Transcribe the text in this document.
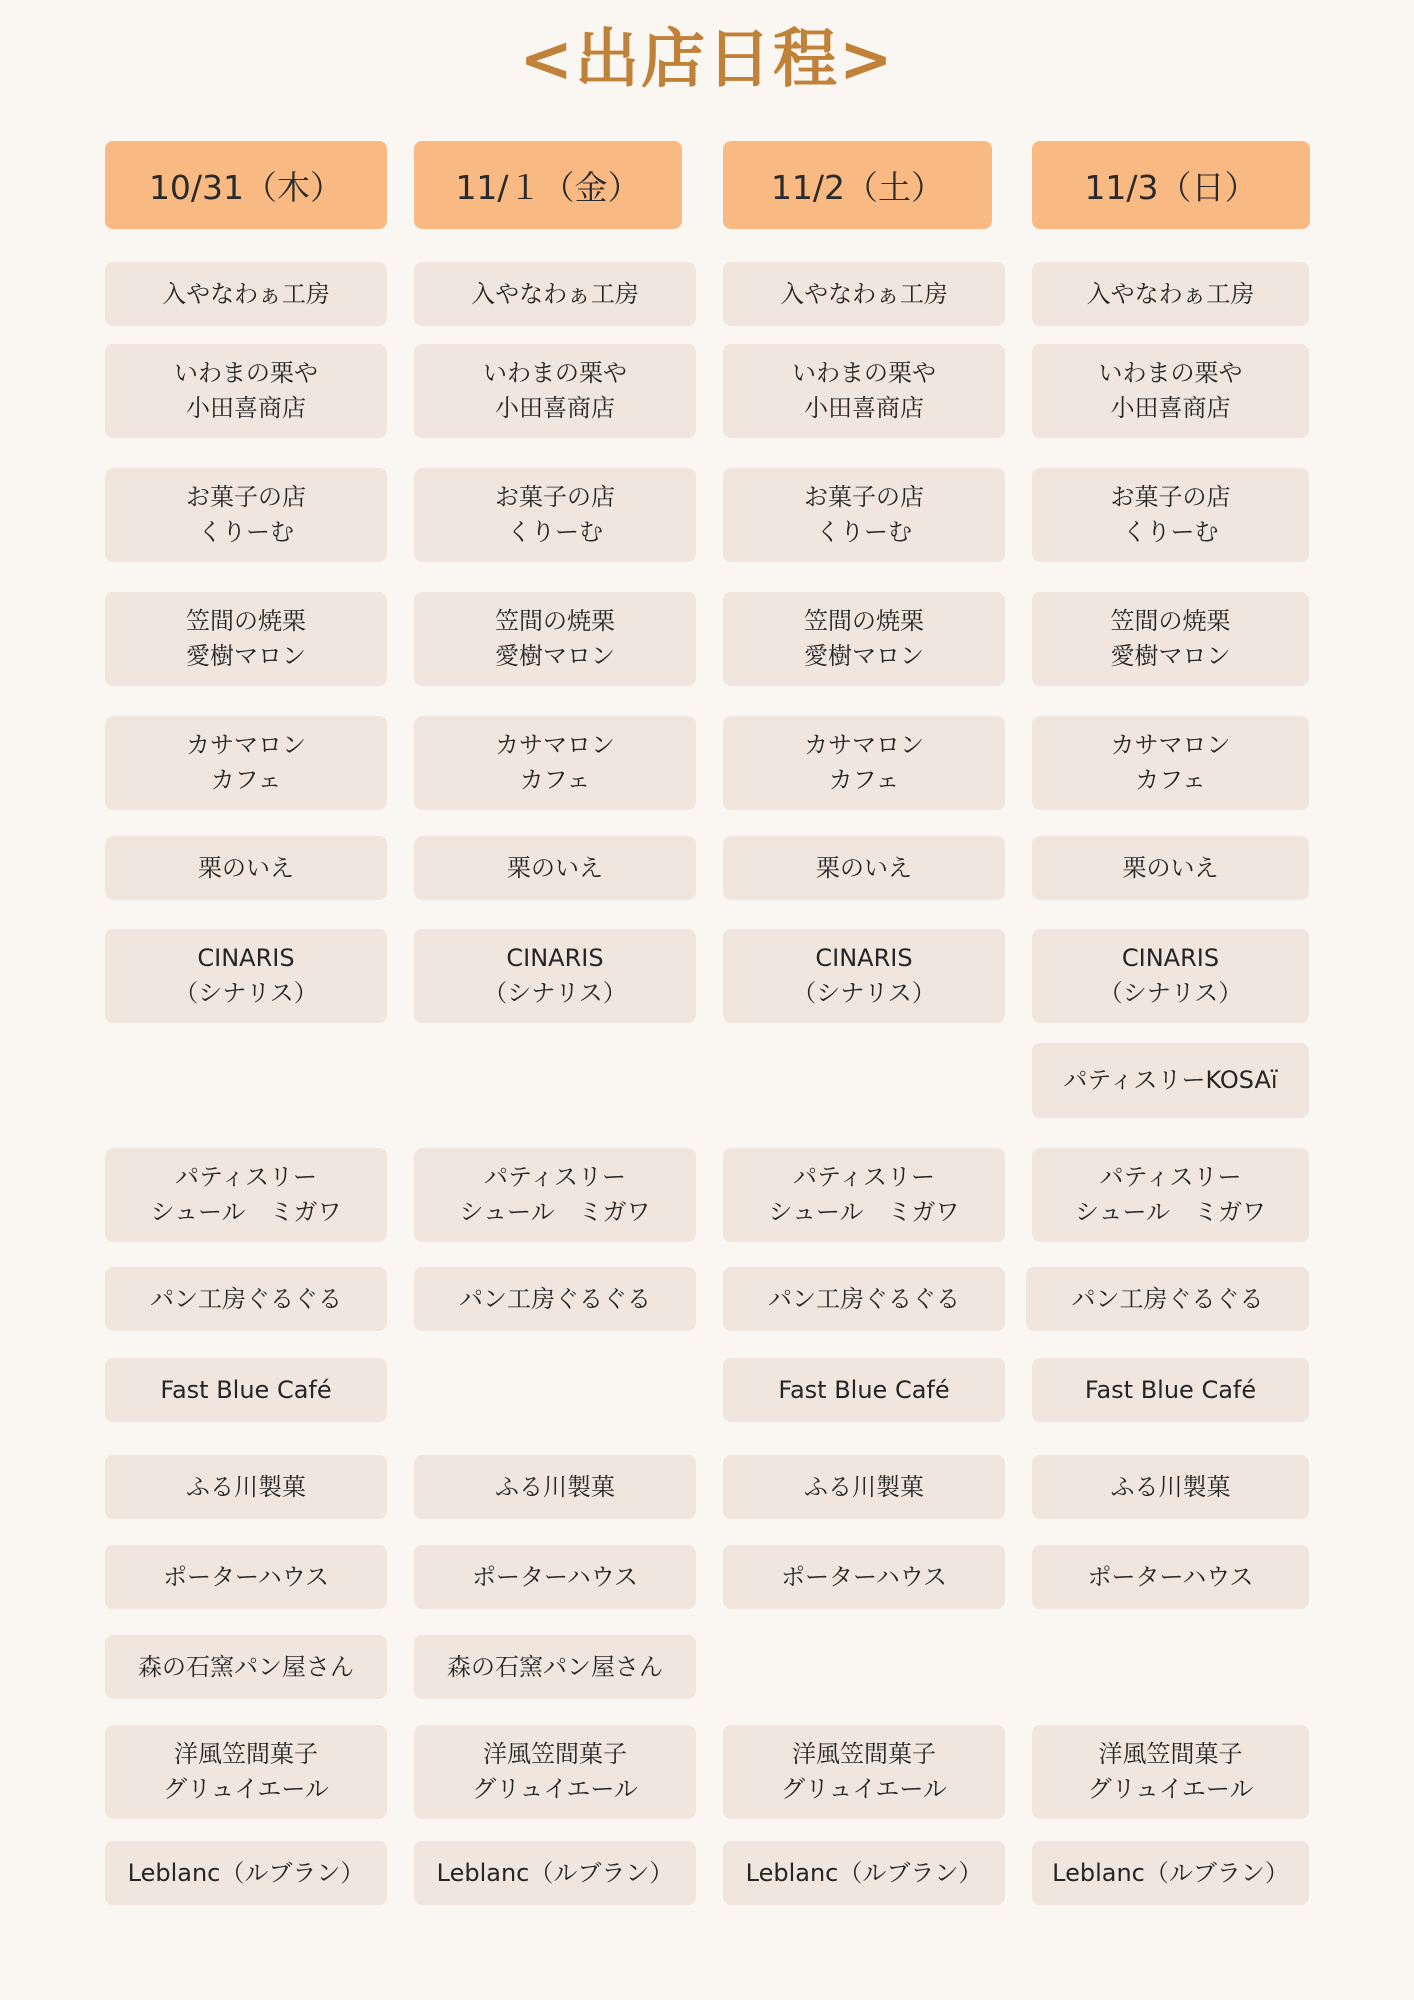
<出店日程>
10/31（木）
入やなわぁ工房
いわまの栗や
小田喜商店
お菓子の店
くりーむ
笠間の焼栗
愛樹マロン
カサマロン
カフェ
栗のいえ
CINARIS
（シナリス）
パティスリー
シュール　ミガワ
パン工房ぐるぐる
Fast Blue Café
ふる川製菓
ポーターハウス
森の石窯パン屋さん
洋風笠間菓子
グリュイエール
Leblanc（ルブラン）
11/１（金）
入やなわぁ工房
いわまの栗や
小田喜商店
お菓子の店
くりーむ
笠間の焼栗
愛樹マロン
カサマロン
カフェ
栗のいえ
CINARIS
（シナリス）
パティスリー
シュール　ミガワ
パン工房ぐるぐる
ふる川製菓
ポーターハウス
森の石窯パン屋さん
洋風笠間菓子
グリュイエール
Leblanc（ルブラン）
11/2（土）
入やなわぁ工房
いわまの栗や
小田喜商店
お菓子の店
くりーむ
笠間の焼栗
愛樹マロン
カサマロン
カフェ
栗のいえ
CINARIS
（シナリス）
パティスリー
シュール　ミガワ
パン工房ぐるぐる
Fast Blue Café
ふる川製菓
ポーターハウス
洋風笠間菓子
グリュイエール
Leblanc（ルブラン）
11/3（日）
入やなわぁ工房
いわまの栗や
小田喜商店
お菓子の店
くりーむ
笠間の焼栗
愛樹マロン
カサマロン
カフェ
栗のいえ
CINARIS
（シナリス）
パティスリーKOSAï
パティスリー
シュール　ミガワ
パン工房ぐるぐる
Fast Blue Café
ふる川製菓
ポーターハウス
洋風笠間菓子
グリュイエール
Leblanc（ルブラン）
